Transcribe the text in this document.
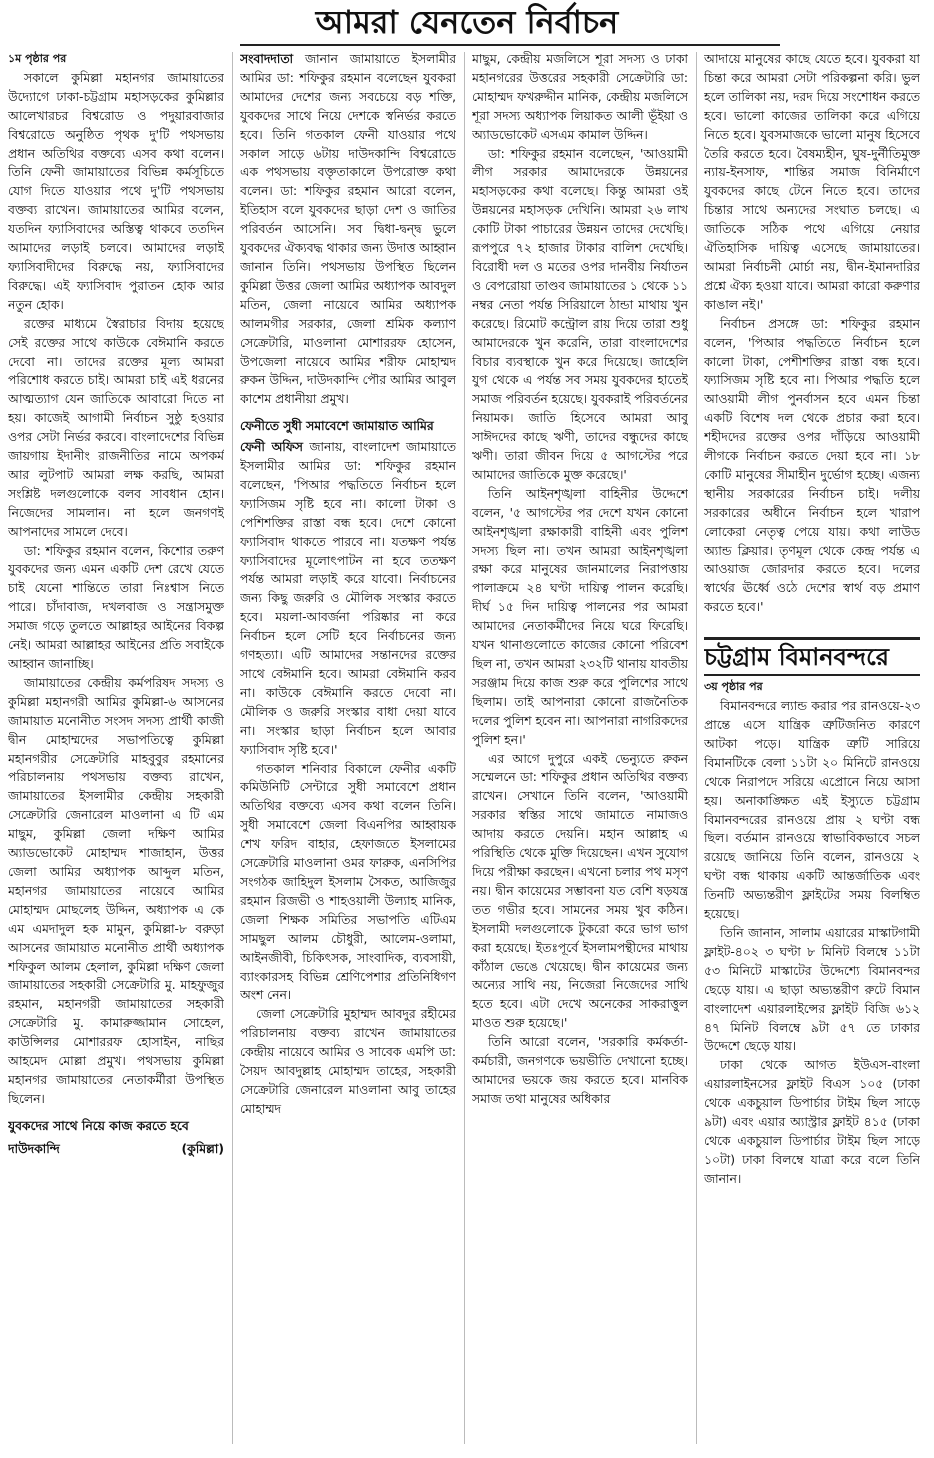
আমরা যেনতেন নির্বাচন

১ম পৃষ্ঠার পর

সকালে কুমিল্লা মহানগর জামায়াতের উদ্যোগে ঢাকা-চট্টগ্রাম মহাসড়কের কুমিল্লার আলেখারচর বিশ্বরোড ও পদুয়ারবাজার বিশ্বরোডে অনুষ্ঠিত পৃথক দু'টি পথসভায় প্রধান অতিথির বক্তব্যে এসব কথা বলেন। তিনি ফেনী জামায়াতের বিভিন্ন কর্মসূচিতে যোগ দিতে যাওয়ার পথে দু'টি পথসভায় বক্তব্য রাখেন। জামায়াতের আমির বলেন, যতদিন ফ্যাসিবাদের অস্তিত্ব থাকবে ততদিন আমাদের লড়াই চলবে। আমাদের লড়াই ফ্যাসিবাদীদের বিরুদ্ধে নয়, ফ্যাসিবাদের বিরুদ্ধে। এই ফ্যাসিবাদ পুরাতন হোক আর নতুন হোক।

রক্তের মাধ্যমে স্বৈরাচার বিদায় হয়েছে সেই রক্তের সাথে কাউকে বেঈমানি করতে দেবো না। তাদের রক্তের মূল্য আমরা পরিশোধ করতে চাই। আমরা চাই এই ধরনের আত্মত্যাগ যেন জাতিকে আবারো দিতে না হয়। কাজেই আগামী নির্বাচন সুষ্ঠু হওয়ার ওপর সেটা নির্ভর করবে। বাংলাদেশের বিভিন্ন জায়গায় ইদানীং রাজনীতির নামে অপকর্ম আর লুটপাট আমরা লক্ষ করছি, আমরা সংশ্লিষ্ট দলগুলোকে বলব সাবধান হোন। নিজেদের সামলান। না হলে জনগণই আপনাদের সামলে দেবে।

ডা: শফিকুর রহমান বলেন, কিশোর তরুণ যুবকদের জন্য এমন একটি দেশ রেখে যেতে চাই যেনো শান্তিতে তারা নিঃশ্বাস নিতে পারে। চাঁদাবাজ, দখলবাজ ও সন্ত্রাসমুক্ত সমাজ গড়ে তুলতে আল্লাহর আইনের বিকল্প নেই। আমরা আল্লাহর আইনের প্রতি সবাইকে আহ্বান জানাচ্ছি।

জামায়াতের কেন্দ্রীয় কর্মপরিষদ সদস্য ও কুমিল্লা মহানগরী আমির কুমিল্লা-৬ আসনের জামায়াত মনোনীত সংসদ সদস্য প্রার্থী কাজী দ্বীন মোহাম্মদের সভাপতিত্বে কুমিল্লা মহানগরীর সেক্রেটারি মাহবুবুর রহমানের পরিচালনায় পথসভায় বক্তব্য রাখেন, জামায়াতের ইসলামীর কেন্দ্রীয় সহকারী সেক্রেটারি জেনারেল মাওলানা এ টি এম মাছুম, কুমিল্লা জেলা দক্ষিণ আমির অ্যাডভোকেট মোহাম্মদ শাজাহান, উত্তর জেলা আমির অধ্যাপক আব্দুল মতিন, মহানগর জামায়াতের নায়েবে আমির মোহাম্মদ মোছলেহ উদ্দিন, অধ্যাপক এ কে এম এমদাদুল হক মামুন, কুমিল্লা-৮ বরুড়া আসনের জামায়াত মনোনীত প্রার্থী অধ্যাপক শফিকুল আলম হেলাল, কুমিল্লা দক্ষিণ জেলা জামায়াতের সহকারী সেক্রেটারি মু. মাহফুজুর রহমান, মহানগরী জামায়াতের সহকারী সেক্রেটারি মু. কামারুজ্জামান সোহেল, কাউন্সিলর মোশাররফ হোসাইন, নাছির আহমেদ মোল্লা প্রমুখ। পথসভায় কুমিল্লা মহানগর জামায়াতের নেতাকর্মীরা উপস্থিত ছিলেন।

যুবকদের সাথে নিয়ে কাজ করতে হবে

দাউদকান্দি	(কুমিল্লা)

সংবাদদাতা জানান জামায়াতে ইসলামীর আমির ডা: শফিকুর রহমান বলেছেন যুবকরা আমাদের দেশের জন্য সবচেয়ে বড় শক্তি, যুবকদের সাথে নিয়ে দেশকে স্বনির্ভর করতে হবে। তিনি গতকাল ফেনী যাওয়ার পথে সকাল সাড়ে ৬টায় দাউদকান্দি বিশ্বরোডে এক পথসভায় বক্তৃতাকালে উপরোক্ত কথা বলেন। ডা: শফিকুর রহমান আরো বলেন, ইতিহাস বলে যুবকদের ছাড়া দেশ ও জাতির পরিবর্তন আসেনি। সব দ্বিধা-দ্বন্দ্ব ভুলে যুবকদের ঐক্যবদ্ধ থাকার জন্য উদাত্ত আহ্বান জানান তিনি। পথসভায় উপস্থিত ছিলেন কুমিল্লা উত্তর জেলা আমির অধ্যাপক আবদুল মতিন, জেলা নায়েবে আমির অধ্যাপক আলমগীর সরকার, জেলা শ্রমিক কল্যাণ সেক্রেটারি, মাওলানা মোশাররফ হোসেন, উপজেলা নায়েবে আমির শরীফ মোহাম্মদ রুকন উদ্দিন, দাউদকান্দি পৌর আমির আবুল কাশেম প্রধানীয়া প্রমুখ।

ফেনীতে সুধী সমাবেশে জামায়াত আমির

ফেনী অফিস জানায়, বাংলাদেশ জামায়াতে ইসলামীর আমির ডা: শফিকুর রহমান বলেছেন, 'পিআর পদ্ধতিতে নির্বাচন হলে ফ্যাসিজম সৃষ্টি হবে না। কালো টাকা ও পেশিশক্তির রাস্তা বন্ধ হবে। দেশে কোনো ফ্যাসিবাদ থাকতে পারবে না। যতক্ষণ পর্যন্ত ফ্যাসিবাদের মূলোৎপাটন না হবে ততক্ষণ পর্যন্ত আমরা লড়াই করে যাবো। নির্বাচনের জন্য কিছু জরুরি ও মৌলিক সংস্কার করতে হবে। ময়লা-আবর্জনা পরিষ্কার না করে নির্বাচন হলে সেটি হবে নির্বাচনের জন্য গণহত্যা। এটি আমাদের সন্তানদের রক্তের সাথে বেঈমানি হবে। আমরা বেঈমানি করব না। কাউকে বেঈমানি করতে দেবো না। মৌলিক ও জরুরি সংস্কার বাধা দেয়া যাবে না। সংস্কার ছাড়া নির্বাচন হলে আবার ফ্যাসিবাদ সৃষ্টি হবে।'

গতকাল শনিবার বিকালে ফেনীর একটি কমিউনিটি সেন্টারে সুধী সমাবেশে প্রধান অতিথির বক্তব্যে এসব কথা বলেন তিনি। সুধী সমাবেশে জেলা বিএনপির আহ্বায়ক শেখ ফরিদ বাহার, হেফাজতে ইসলামের সেক্রেটারি মাওলানা ওমর ফারুক, এনসিপির সংগঠক জাহিদুল ইসলাম সৈকত, আজিজুর রহমান রিজভী ও শাহওয়ালী উল্যাহ মানিক, জেলা শিক্ষক সমিতির সভাপতি এটিএম সামছুল আলম চৌধুরী, আলেম-ওলামা, আইনজীবী, চিকিৎসক, সাংবাদিক, ব্যবসায়ী, ব্যাংকারসহ বিভিন্ন শ্রেণিপেশার প্রতিনিধিগণ অংশ নেন।

জেলা সেক্রেটারি মুহাম্মদ আবদুর রহীমের পরিচালনায় বক্তব্য রাখেন জামায়াতের কেন্দ্রীয় নায়েবে আমির ও সাবেক এমপি ডা: সৈয়দ আবদুল্লাহ মোহাম্মদ তাহের, সহকারী সেক্রেটারি জেনারেল মাওলানা আবু তাহের মোহাম্মদ

মাছুম, কেন্দ্রীয় মজলিসে শূরা সদস্য ও ঢাকা মহানগরের উত্তরের সহকারী সেক্রেটারি ডা: মোহাম্মদ ফখরুদ্দীন মানিক, কেন্দ্রীয় মজলিসে শূরা সদস্য অধ্যাপক লিয়াকত আলী ভূঁইয়া ও অ্যাডভোকেট এসএম কামাল উদ্দিন।

ডা: শফিকুর রহমান বলেছেন, 'আওয়ামী লীগ সরকার আমাদেরকে উন্নয়নের মহাসড়কের কথা বলেছে। কিন্তু আমরা ওই উন্নয়নের মহাসড়ক দেখিনি। আমরা ২৬ লাখ কোটি টাকা পাচারের উন্নয়ন তাদের দেখেছি। রূপপুরে ৭২ হাজার টাকার বালিশ দেখেছি। বিরোধী দল ও মতের ওপর দানবীয় নির্যাতন ও বেপরোয়া তাণ্ডব জামায়াতের ১ থেকে ১১ নম্বর নেতা পর্যন্ত সিরিয়ালে ঠান্ডা মাথায় খুন করেছে। রিমোট কন্ট্রোল রায় দিয়ে তারা শুধু আমাদেরকে খুন করেনি, তারা বাংলাদেশের বিচার ব্যবস্থাকে খুন করে দিয়েছে। জাহেলি যুগ থেকে এ পর্যন্ত সব সময় যুবকদের হাতেই সমাজ পরিবর্তন হয়েছে। যুবকরাই পরিবর্তনের নিয়ামক। জাতি হিসেবে আমরা আবু সাঈদদের কাছে ঋণী, তাদের বন্ধুদের কাছে ঋণী। তারা জীবন দিয়ে ৫ আগস্টের পরে আমাদের জাতিকে মুক্ত করেছে।'

তিনি আইনশৃঙ্খলা বাহিনীর উদ্দেশে বলেন, '৫ আগস্টের পর দেশে যখন কোনো আইনশৃঙ্খলা রক্ষাকারী বাহিনী এবং পুলিশ সদস্য ছিল না। তখন আমরা আইনশৃঙ্খলা রক্ষা করে মানুষের জানমালের নিরাপত্তায় পালাক্রমে ২৪ ঘণ্টা দায়িত্ব পালন করেছি। দীর্ঘ ১৫ দিন দায়িত্ব পালনের পর আমরা আমাদের নেতাকর্মীদের নিয়ে ঘরে ফিরেছি। যখন থানাগুলোতে কাজের কোনো পরিবেশ ছিল না, তখন আমরা ২৩২টি থানায় যাবতীয় সরঞ্জাম দিয়ে কাজ শুরু করে পুলিশের সাথে ছিলাম। তাই আপনারা কোনো রাজনৈতিক দলের পুলিশ হবেন না। আপনারা নাগরিকদের পুলিশ হন।'

এর আগে দুপুরে একই ভেন্যুতে রুকন সম্মেলনে ডা: শফিকুর প্রধান অতিথির বক্তব্য রাখেন। সেখানে তিনি বলেন, 'আওয়ামী সরকার স্বস্তির সাথে জামাতে নামাজও আদায় করতে দেয়নি। মহান আল্লাহ এ পরিস্থিতি থেকে মুক্তি দিয়েছেন। এখন সুযোগ দিয়ে পরীক্ষা করছেন। এখনো চলার পথ মসৃণ নয়। দ্বীন কায়েমের সম্ভাবনা যত বেশি ষড়যন্ত্র তত গভীর হবে। সামনের সময় খুব কঠিন। ইসলামী দলগুলোকে টুকরো করে ভাগ ভাগ করা হয়েছে। ইতঃপূর্বে ইসলামপন্থীদের মাথায় কাঁঠাল ভেঙে খেয়েছে। দ্বীন কায়েমের জন্য অন্যের সাথি নয়, নিজেরা নিজেদের সাথি হতে হবে। এটা দেখে অনেকের সাকরাত্তুল মাওত শুরু হয়েছে।'

তিনি আরো বলেন, 'সরকারি কর্মকর্তা-কর্মচারী, জনগণকে ভয়ভীতি দেখানো হচ্ছে। আমাদের ভয়কে জয় করতে হবে। মানবিক সমাজ তথা মানুষের অধিকার

আদায়ে মানুষের কাছে যেতে হবে। যুবকরা যা চিন্তা করে আমরা সেটা পরিকল্পনা করি। ভুল হলে তালিকা নয়, দরদ দিয়ে সংশোধন করতে হবে। ভালো কাজের তালিকা করে এগিয়ে নিতে হবে। যুবসমাজকে ভালো মানুষ হিসেবে তৈরি করতে হবে। বৈষম্যহীন, ঘুষ-দুর্নীতিমুক্ত ন্যায়-ইনসাফ, শান্তির সমাজ বিনির্মাণে যুবকদের কাছে টেনে নিতে হবে। তাদের চিন্তার সাথে অন্যদের সংঘাত চলছে। এ জাতিকে সঠিক পথে এগিয়ে নেয়ার ঐতিহাসিক দায়িত্ব এসেছে জামায়াতের। আমরা নির্বাচনী মোর্চা নয়, দ্বীন-ইমানদারির প্রশ্নে ঐক্য হওয়া যাবে। আমরা কারো করুণার কাঙাল নই।'

নির্বাচন প্রসঙ্গে ডা: শফিকুর রহমান বলেন, 'পিআর পদ্ধতিতে নির্বাচন হলে কালো টাকা, পেশীশক্তির রাস্তা বন্ধ হবে। ফ্যাসিজম সৃষ্টি হবে না। পিআর পদ্ধতি হলে আওয়ামী লীগ পুনর্বাসন হবে এমন চিন্তা একটি বিশেষ দল থেকে প্রচার করা হবে। শহীদদের রক্তের ওপর দাঁড়িয়ে আওয়ামী লীগকে নির্বাচন করতে দেয়া হবে না। ১৮ কোটি মানুষের সীমাহীন দুর্ভোগ হচ্ছে। এজন্য স্থানীয় সরকারের নির্বাচন চাই। দলীয় সরকারের অধীনে নির্বাচন হলে খারাপ লোকেরা নেতৃত্ব পেয়ে যায়। কথা লাউড অ্যান্ড ক্লিয়ার। তৃণমূল থেকে কেন্দ্র পর্যন্ত এ আওয়াজ জোরদার করতে হবে। দলের স্বার্থের ঊর্ধ্বে ওঠে দেশের স্বার্থ বড় প্রমাণ করতে হবে।'

চট্টগ্রাম বিমানবন্দরে

৩য় পৃষ্ঠার পর

বিমানবন্দরে ল্যান্ড করার পর রানওয়ে-২৩ প্রান্তে এসে যান্ত্রিক ত্রুটিজনিত কারণে আটকা পড়ে। যান্ত্রিক ত্রুটি সারিয়ে বিমানটিকে বেলা ১১টা ২০ মিনিটে রানওয়ে থেকে নিরাপদে সরিয়ে এপ্রোনে নিয়ে আসা হয়। অনাকাঙ্ক্ষিত এই ইস্যুতে চট্টগ্রাম বিমানবন্দরের রানওয়ে প্রায় ২ ঘণ্টা বন্ধ ছিল। বর্তমান রানওয়ে স্বাভাবিকভাবে সচল রয়েছে জানিয়ে তিনি বলেন, রানওয়ে ২ ঘণ্টা বন্ধ থাকায় একটি আন্তর্জাতিক এবং তিনটি অভ্যন্তরীণ ফ্লাইটের সময় বিলম্বিত হয়েছে।

তিনি জানান, সালাম এয়ারের মাস্কাটগামী ফ্লাইট-৪০২ ৩ ঘণ্টা ৮ মিনিট বিলম্বে ১১টা ৫৩ মিনিটে মাস্কাটের উদ্দেশ্যে বিমানবন্দর ছেড়ে যায়। এ ছাড়া অভ্যন্তরীণ রুটে বিমান বাংলাদেশ এয়ারলাইন্সের ফ্লাইট বিজি ৬১২ ৪৭ মিনিট বিলম্বে ৯টা ৫৭ তে ঢাকার উদ্দেশে ছেড়ে যায়।

ঢাকা থেকে আগত ইউএস-বাংলা এয়ারলাইনসের ফ্লাইট বিএস ১০৫ (ঢাকা থেকে একচুয়াল ডিপার্চার টাইম ছিল সাড়ে ৯টা) এবং এয়ার অ্যাস্ট্রার ফ্লাইট ৪১৫ (ঢাকা থেকে একচুয়াল ডিপার্চার টাইম ছিল সাড়ে ১০টা) ঢাকা বিলম্বে যাত্রা করে বলে তিনি জানান।
